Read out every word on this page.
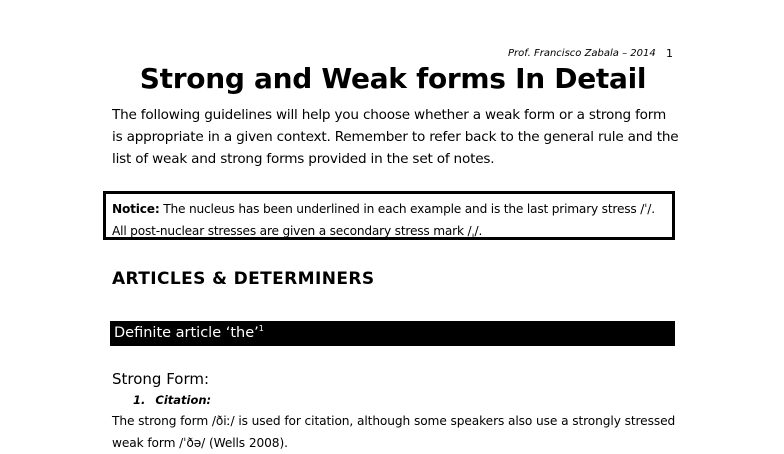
Prof. Francisco Zabala – 2014 1
Strong and Weak forms In Detail
The following guidelines will help you choose whether a weak form or a strong form is appropriate in a given context. Remember to refer back to the general rule and the list of weak and strong forms provided in the set of notes.
Notice: The nucleus has been underlined in each example and is the last primary stress /ˈ/. All post-nuclear stresses are given a secondary stress mark /ˌ/.
ARTICLES & DETERMINERS
Definite article ‘the’$^1$
Strong Form:
1. Citation:
The strong form /ðiː/ is used for citation, although some speakers also use a strongly stressed weak form /ˈðə/ (Wells 2008).
